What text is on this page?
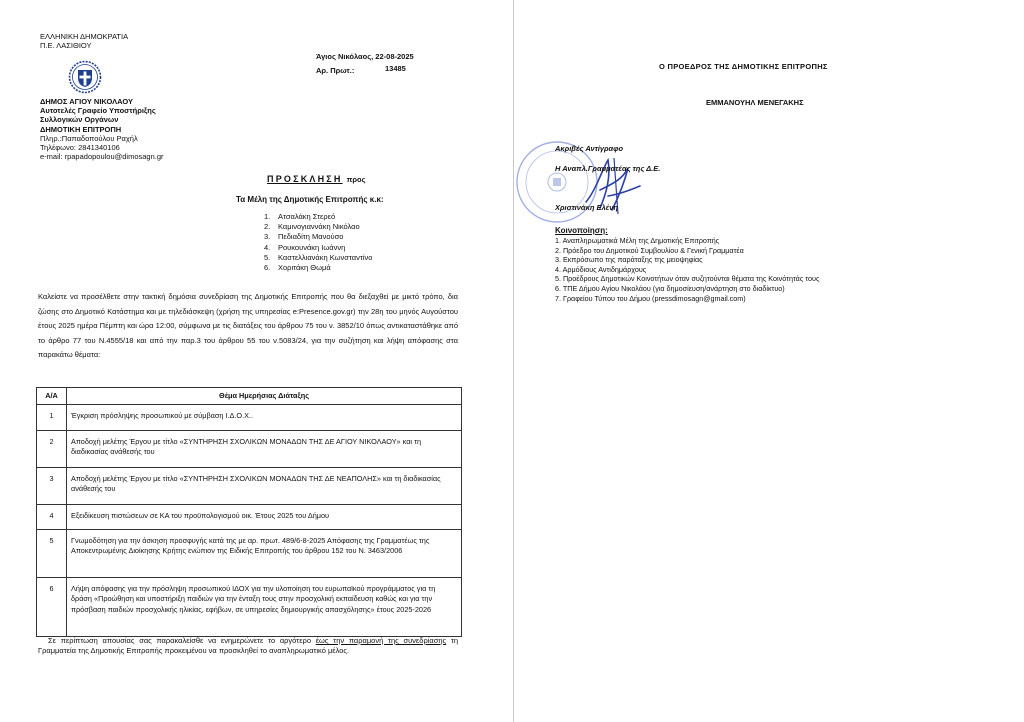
ΕΛΛΗΝΙΚΗ ΔΗΜΟΚΡΑΤΙΑ
Π.Ε. ΛΑΣΙΘΙΟΥ
ΔΗΜΟΣ ΑΓΙΟΥ ΝΙΚΟΛΑΟΥ
Αυτοτελές Γραφείο Υποστήριξης
Συλλογικών Οργάνων
ΔΗΜΟΤΙΚΗ ΕΠΙΤΡΟΠΗ
Πληρ.:Παπαδοπούλου Ραχήλ
Τηλέφωνο: 2841340106
e-mail: rpapadopoulou@dimosagn.gr
Άγιος Νικόλαος, 22-08-2025
Αρ. Πρωτ.:	13485
ΠΡΟΣΚΛΗΣΗ προς
Τα Μέλη της Δημοτικής Επιτροπής κ.κ:
1. Ατσαλάκη Στερεό
2. Καμινογιαννάκη Νικόλαο
3. Πεδιαδίτη Μανούσο
4. Ρουκουνάκη Ιωάννη
5. Καστελλιανάκη Κωνσταντίνο
6. Χοριτάκη Θωμά
Καλείστε να προσέλθετε στην τακτική δημόσια συνεδρίαση της Δημοτικής Επιτροπής που θα διεξαχθεί με μικτό τρόπο, δια ζώσης στο Δημοτικό Κατάστημα και με τηλεδιάσκεψη (χρήση της υπηρεσίας e:Presence.gov.gr) την 28η του μηνός Αυγούστου έτους 2025 ημέρα Πέμπτη και ώρα 12:00, σύμφωνα με τις διατάξεις του άρθρου 75 του ν. 3852/10 όπως αντικαταστάθηκε από το άρθρο 77 του Ν.4555/18 και από την παρ.3 του άρθρου 55 του ν.5083/24, για την συζήτηση και λήψη απόφασης στα παρακάτω θέματα:
Α/Α	Θέμα Ημερήσιας Διάταξης
1	Έγκριση πρόσληψης προσωπικού με σύμβαση Ι.Δ.Ο.Χ..
2	Αποδοχή μελέτης Έργου με τίτλο «ΣΥΝΤΗΡΗΣΗ ΣΧΟΛΙΚΩΝ ΜΟΝΑΔΩΝ ΤΗΣ ΔΕ ΑΓΙΟΥ ΝΙΚΟΛΑΟΥ» και τη διαδικασίας ανάθεσής του
3	Αποδοχή μελέτης Έργου με τίτλο «ΣΥΝΤΗΡΗΣΗ ΣΧΟΛΙΚΩΝ ΜΟΝΑΔΩΝ ΤΗΣ ΔΕ ΝΕΑΠΟΛΗΣ» και τη διαδικασίας ανάθεσής του
4	Εξειδίκευση πιστώσεων σε ΚΑ του προϋπολογισμού οικ. Έτους 2025 του Δήμου
5	Γνωμοδότηση για την άσκηση προσφυγής κατά της με αρ. πρωτ. 489/6-8-2025 Απόφασης της Γραμματέως της Αποκεντρωμένης Διοίκησης Κρήτης ενώπιον της Ειδικής Επιτροπής του άρθρου 152 του Ν. 3463/2006
6	Λήψη απόφασης για την πρόσληψη προσωπικού ΙΔΟΧ για την υλοποίηση του ευρωπαϊκού προγράμματος για τη δράση «Προώθηση και υποστήριξη παιδιών για την ένταξη τους στην προσχολική εκπαίδευση καθώς και για την πρόσβαση παιδιών προσχολικής ηλικίας, εφήβων, σε υπηρεσίες δημιουργικής απασχόλησης» έτους 2025-2026
Σε περίπτωση απουσίας σας παρακαλείσθε να ενημερώνετε το αργότερο έως την παραμονή της συνεδρίασης τη Γραμματεία της Δημοτικής Επιτροπής προκειμένου να προσκληθεί το αναπληρωματικό μέλος.
Ο ΠΡΟΕΔΡΟΣ ΤΗΣ ΔΗΜΟΤΙΚΗΣ ΕΠΙΤΡΟΠΗΣ
ΕΜΜΑΝΟΥΗΛ ΜΕΝΕΓΑΚΗΣ
Ακριβές Αντίγραφο
Η Αναπλ.Γραμματέας της Δ.Ε.
Χριστινάκη Ελένη
Κοινοποίηση:
1. Αναπληρωματικά Μέλη της Δημοτικής Επιτροπής
2. Πρόεδρο του Δημοτικού Συμβουλίου & Γενική Γραμματέα
3. Εκπρόσωπο της παράταξης της μειοψηφίας
4. Αρμόδιους Αντιδημάρχους
5. Προέδρους Δημοτικών Κοινοτήτων όταν συζητούνται θέματα της Κοινότητάς τους
6. ΤΠΕ Δήμου Αγίου Νικολάου (για δημοσίευση/ανάρτηση στο διαδίκτυο)
7. Γραφείου Τύπου του Δήμου (pressdimosagn@gmail.com)
